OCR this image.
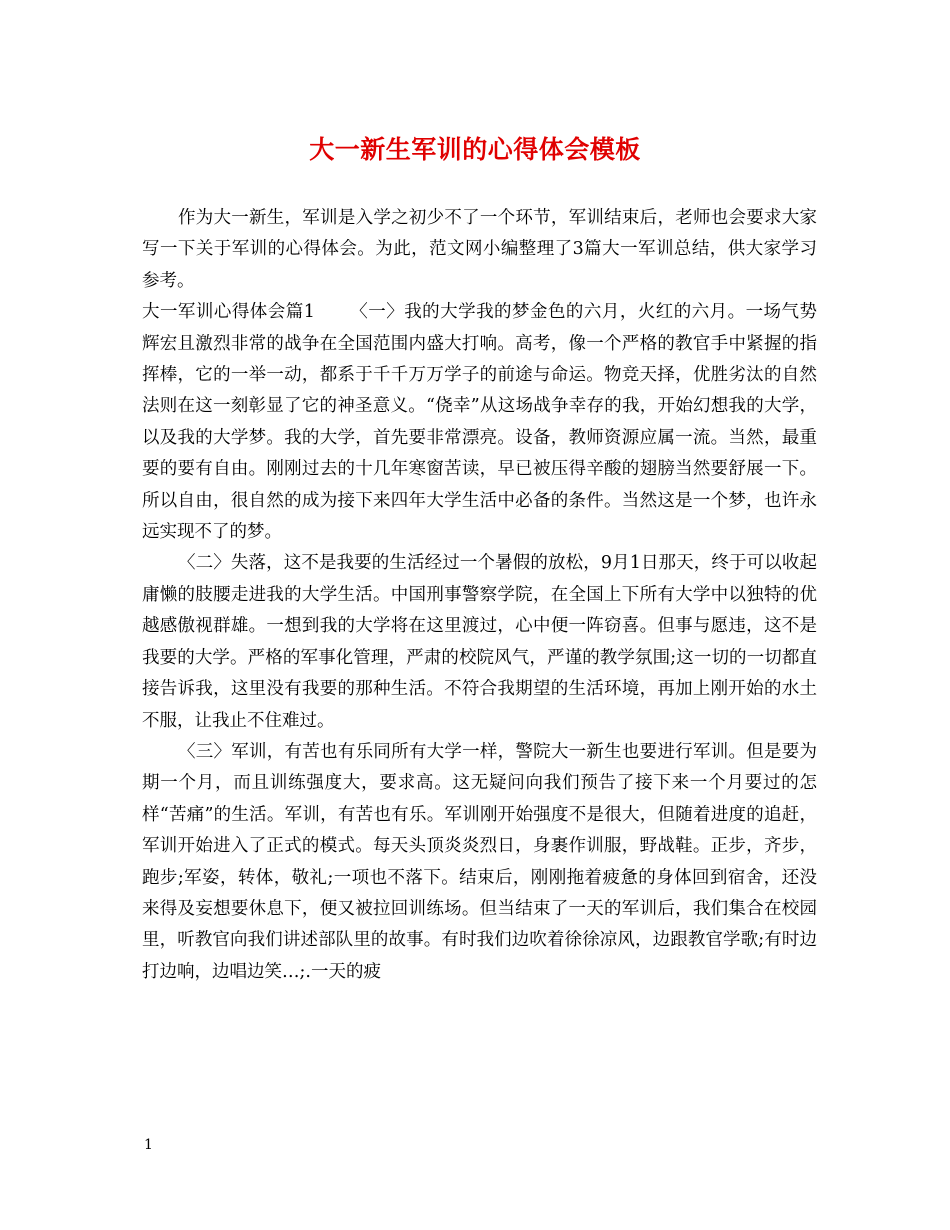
大一新生军训的心得体会模板

作为大一新生，军训是入学之初少不了一个环节，军训结束后，老师也会要求大家写一下关于军训的心得体会。为此，范文网小编整理了3篇大一军训总结，供大家学习参考。

大一军训心得体会篇1   〈一〉我的大学我的梦金色的六月，火红的六月。一场气势辉宏且激烈非常的战争在全国范围内盛大打响。高考，像一个严格的教官手中紧握的指挥棒，它的一举一动，都系于千千万万学子的前途与命运。物竞天择，优胜劣汰的自然法则在这一刻彰显了它的神圣意义。“侥幸”从这场战争幸存的我，开始幻想我的大学，以及我的大学梦。我的大学，首先要非常漂亮。设备，教师资源应属一流。当然，最重要的要有自由。刚刚过去的十几年寒窗苦读，早已被压得辛酸的翅膀当然要舒展一下。所以自由，很自然的成为接下来四年大学生活中必备的条件。当然这是一个梦，也许永远实现不了的梦。

〈二〉失落，这不是我要的生活经过一个暑假的放松，9月1日那天，终于可以收起庸懒的肢腰走进我的大学生活。中国刑事警察学院，在全国上下所有大学中以独特的优越感傲视群雄。一想到我的大学将在这里渡过，心中便一阵窃喜。但事与愿违，这不是我要的大学。严格的军事化管理，严肃的校院风气，严谨的教学氛围;这一切的一切都直接告诉我，这里没有我要的那种生活。不符合我期望的生活环境，再加上刚开始的水土不服，让我止不住难过。

〈三〉军训，有苦也有乐同所有大学一样，警院大一新生也要进行军训。但是要为期一个月，而且训练强度大，要求高。这无疑问向我们预告了接下来一个月要过的怎样“苦痛”的生活。军训，有苦也有乐。军训刚开始强度不是很大，但随着进度的追赶，军训开始进入了正式的模式。每天头顶炎炎烈日，身裹作训服，野战鞋。正步，齐步，跑步;军姿，转体，敬礼;一项也不落下。结束后，刚刚拖着疲惫的身体回到宿舍，还没来得及妄想要休息下，便又被拉回训练场。但当结束了一天的军训后，我们集合在校园里，听教官向我们讲述部队里的故事。有时我们边吹着徐徐凉风，边跟教官学歌;有时边打边响，边唱边笑…;.一天的疲

1
